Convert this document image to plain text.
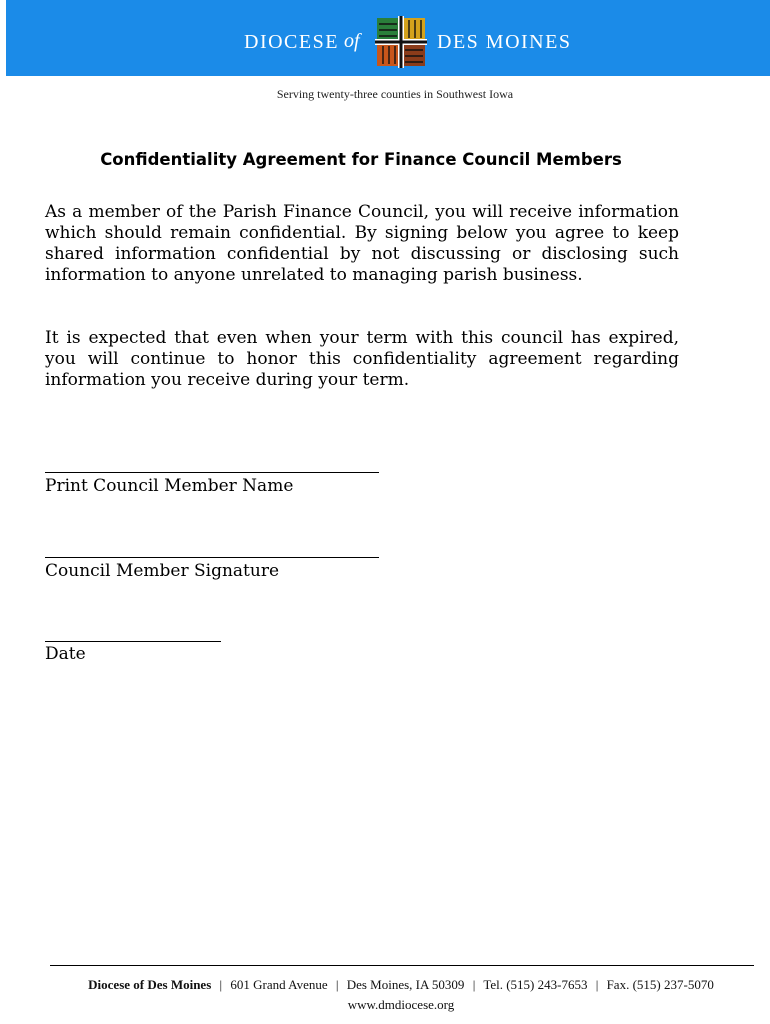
DIOCESE of	DES MOINES
Serving twenty-three counties in Southwest Iowa
Confidentiality Agreement for Finance Council Members

As a member of the Parish Finance Council, you will receive information which should remain confidential. By signing below you agree to keep shared information confidential by not discussing or disclosing such information to anyone unrelated to managing parish business.

It is expected that even when your term with this council has expired, you will continue to honor this confidentiality agreement regarding information you receive during your term.

Print Council Member Name
Council Member Signature
Date
Diocese of Des Moines | 601 Grand Avenue | Des Moines, IA 50309 | Tel. (515) 243-7653 | Fax. (515) 237-5070
www.dmdiocese.org
